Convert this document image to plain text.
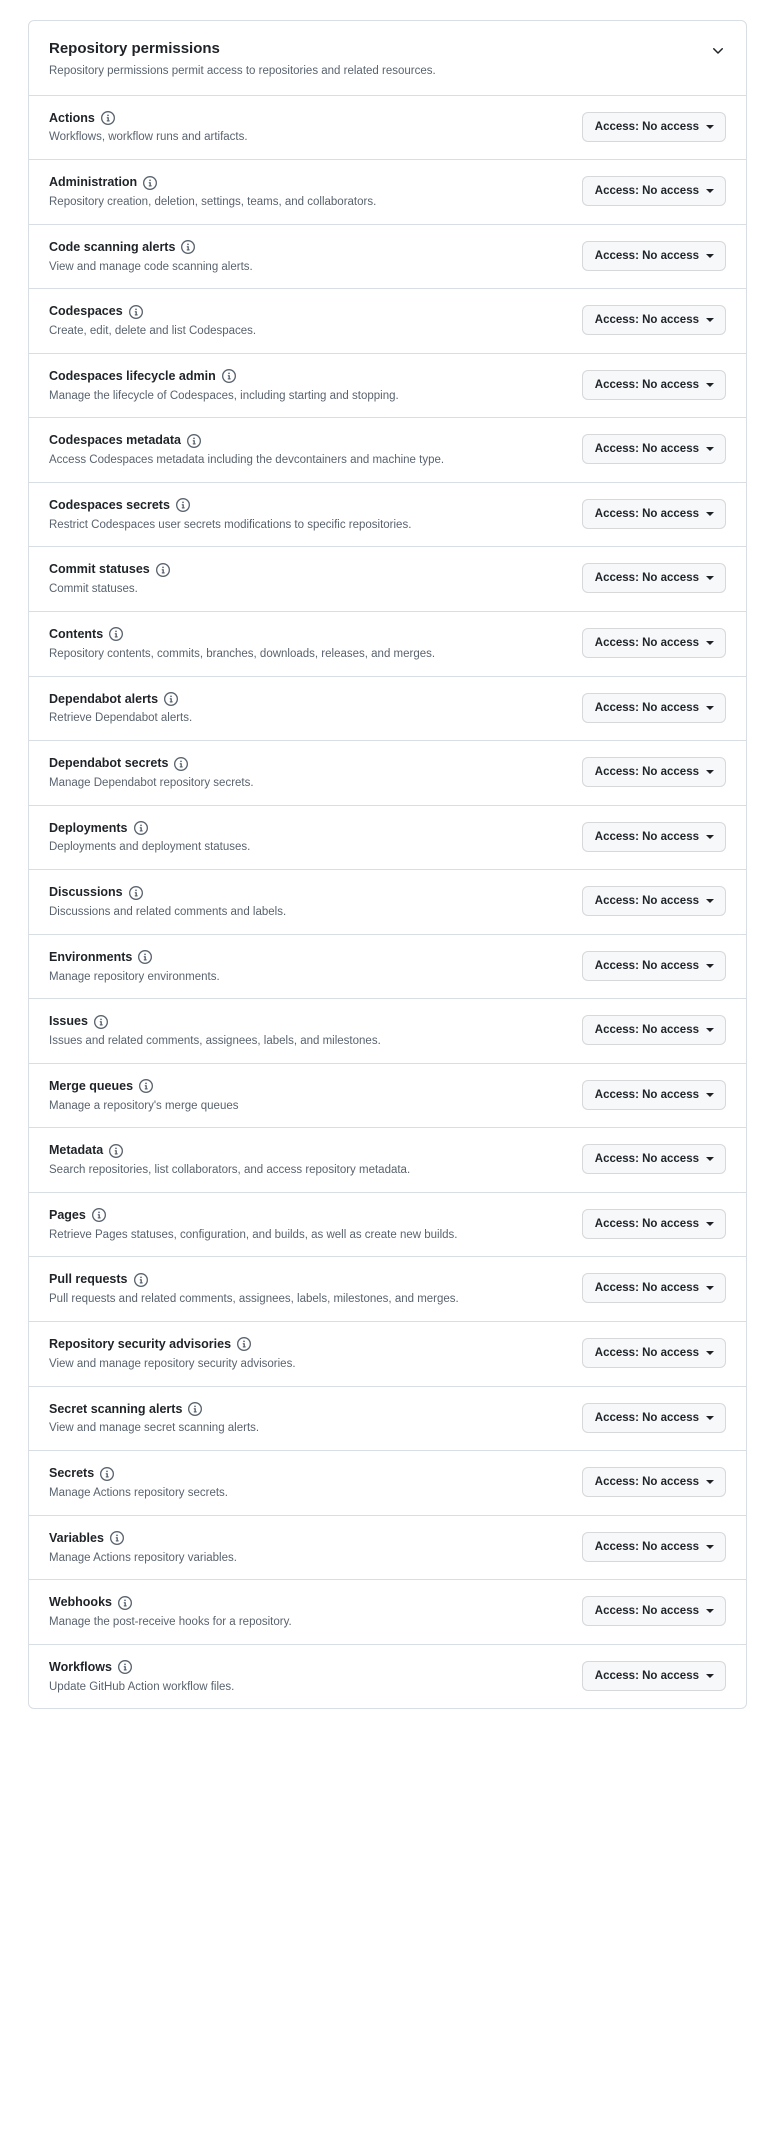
Repository permissions
Repository permissions permit access to repositories and related resources.
Actions
Workflows, workflow runs and artifacts.
Access: No access
Administration
Repository creation, deletion, settings, teams, and collaborators.
Access: No access
Code scanning alerts
View and manage code scanning alerts.
Access: No access
Codespaces
Create, edit, delete and list Codespaces.
Access: No access
Codespaces lifecycle admin
Manage the lifecycle of Codespaces, including starting and stopping.
Access: No access
Codespaces metadata
Access Codespaces metadata including the devcontainers and machine type.
Access: No access
Codespaces secrets
Restrict Codespaces user secrets modifications to specific repositories.
Access: No access
Commit statuses
Commit statuses.
Access: No access
Contents
Repository contents, commits, branches, downloads, releases, and merges.
Access: No access
Dependabot alerts
Retrieve Dependabot alerts.
Access: No access
Dependabot secrets
Manage Dependabot repository secrets.
Access: No access
Deployments
Deployments and deployment statuses.
Access: No access
Discussions
Discussions and related comments and labels.
Access: No access
Environments
Manage repository environments.
Access: No access
Issues
Issues and related comments, assignees, labels, and milestones.
Access: No access
Merge queues
Manage a repository's merge queues
Access: No access
Metadata
Search repositories, list collaborators, and access repository metadata.
Access: No access
Pages
Retrieve Pages statuses, configuration, and builds, as well as create new builds.
Access: No access
Pull requests
Pull requests and related comments, assignees, labels, milestones, and merges.
Access: No access
Repository security advisories
View and manage repository security advisories.
Access: No access
Secret scanning alerts
View and manage secret scanning alerts.
Access: No access
Secrets
Manage Actions repository secrets.
Access: No access
Variables
Manage Actions repository variables.
Access: No access
Webhooks
Manage the post-receive hooks for a repository.
Access: No access
Workflows
Update GitHub Action workflow files.
Access: No access
